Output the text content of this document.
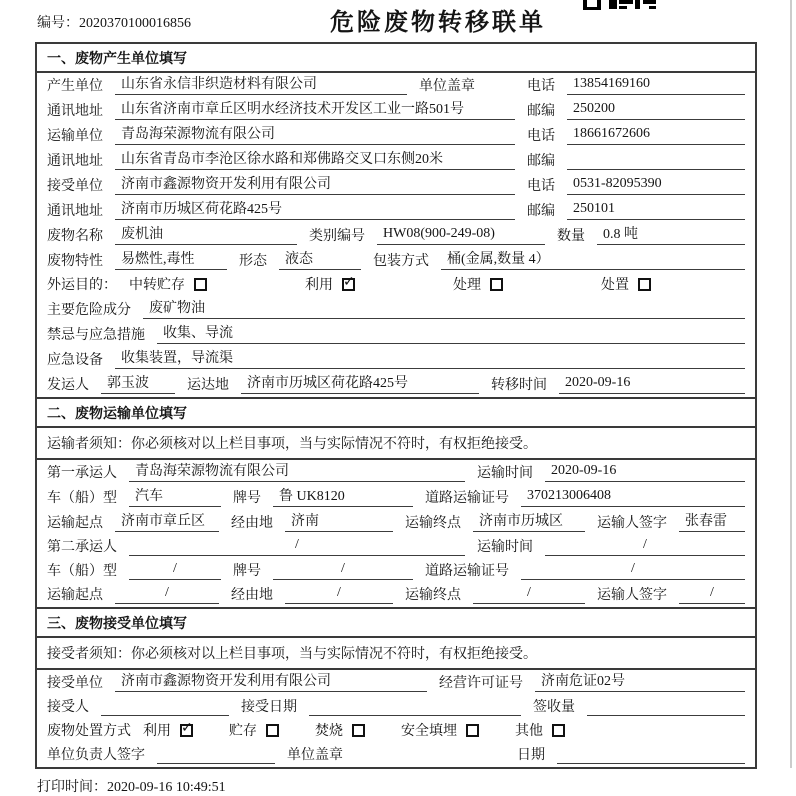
编号：2020370100016856	危险废物转移联单
一、废物产生单位填写
产生单位	山东省永信非织造材料有限公司	单位盖章	电话	13854169160
通讯地址	山东省济南市章丘区明水经济技术开发区工业一路501号	邮编	250200
运输单位	青岛海荣源物流有限公司	电话	18661672606
通讯地址	山东省青岛市李沧区徐水路和郑佛路交叉口东侧20米	邮编
接受单位	济南市鑫源物资开发利用有限公司	电话	0531-82095390
通讯地址	济南市历城区荷花路425号	邮编	250101
废物名称	废机油	类别编号	HW08(900-249-08)	数量	0.8 吨
废物特性	易燃性,毒性	形态	液态	包装方式	桶(金属,数量 4）
外运目的： 中转贮存	利用 ✓	处理	处置
主要危险成分	废矿物油
禁忌与应急措施	收集、导流
应急设备	收集装置，导流渠
发运人	郭玉波	运达地	济南市历城区荷花路425号	转移时间	2020-09-16
二、废物运输单位填写
运输者须知：你必须核对以上栏目事项，当与实际情况不符时，有权拒绝接受。
第一承运人	青岛海荣源物流有限公司	运输时间	2020-09-16
车（船）型	汽车	牌号	鲁 UK8120	道路运输证号	370213006408
运输起点	济南市章丘区	经由地	济南	运输终点	济南市历城区	运输人签字	张春雷
第二承运人	/	运输时间	/
车（船）型	/	牌号	/	道路运输证号	/
运输起点	/	经由地	/	运输终点	/	运输人签字	/
三、废物接受单位填写
接受者须知：你必须核对以上栏目事项，当与实际情况不符时，有权拒绝接受。
接受单位	济南市鑫源物资开发利用有限公司	经营许可证号	济南危证02号
接受人	接受日期	签收量
废物处置方式 利用 ✓	贮存	焚烧	安全填埋	其他
单位负责人签字	单位盖章	日期
打印时间：2020-09-16 10:49:51
